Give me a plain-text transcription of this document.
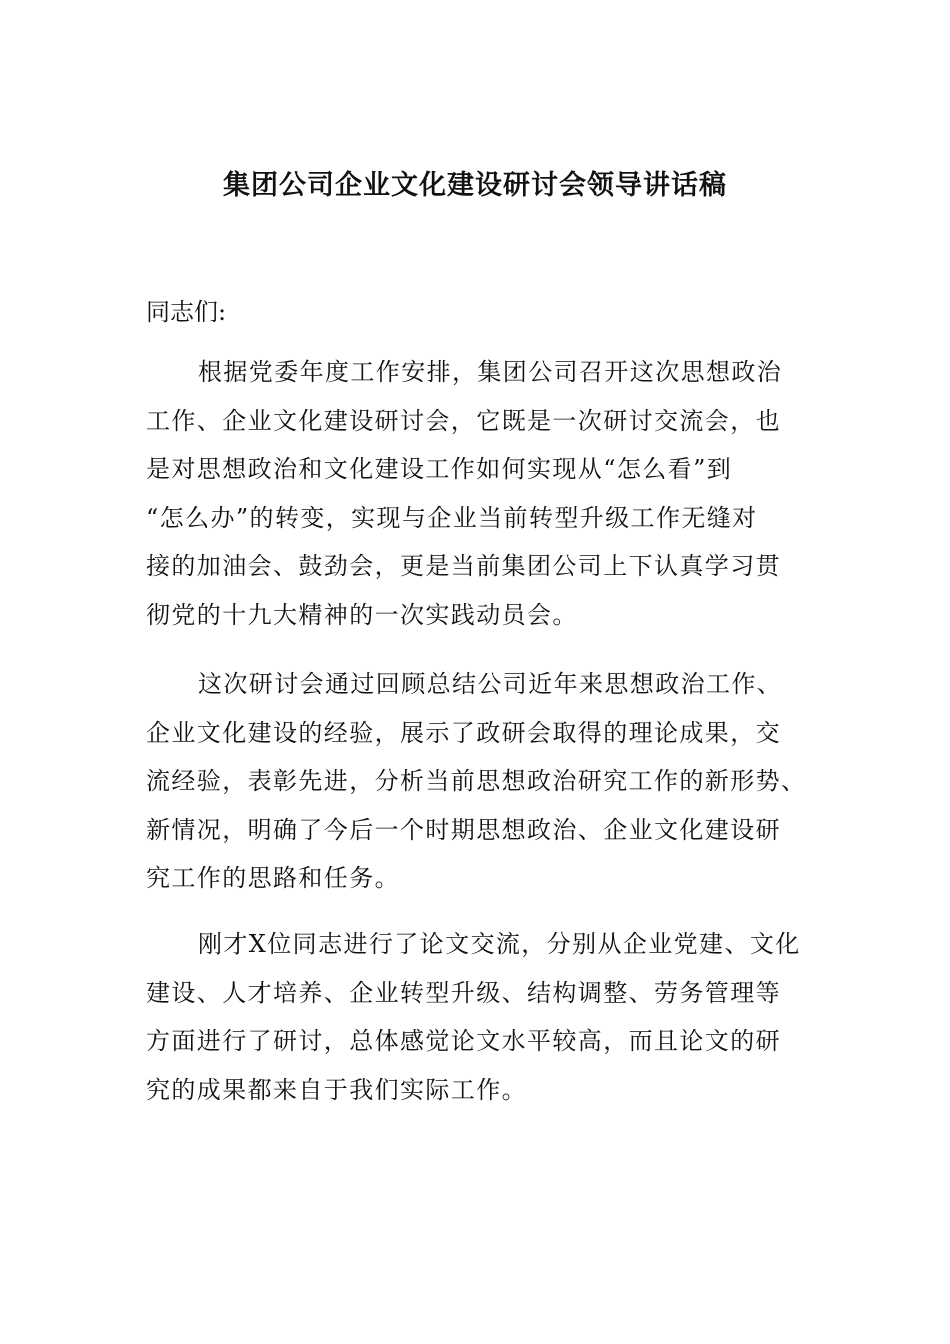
集团公司企业文化建设研讨会领导讲话稿

同志们:

根据党委年度工作安排，集团公司召开这次思想政治
工作、企业文化建设研讨会，它既是一次研讨交流会，也
是对思想政治和文化建设工作如何实现从“怎么看”到
“怎么办”的转变，实现与企业当前转型升级工作无缝对
接的加油会、鼓劲会，更是当前集团公司上下认真学习贯
彻党的十九大精神的一次实践动员会。

这次研讨会通过回顾总结公司近年来思想政治工作、
企业文化建设的经验，展示了政研会取得的理论成果，交
流经验，表彰先进，分析当前思想政治研究工作的新形势、
新情况，明确了今后一个时期思想政治、企业文化建设研
究工作的思路和任务。

刚才X位同志进行了论文交流，分别从企业党建、文化
建设、人才培养、企业转型升级、结构调整、劳务管理等
方面进行了研讨，总体感觉论文水平较高，而且论文的研
究的成果都来自于我们实际工作。
